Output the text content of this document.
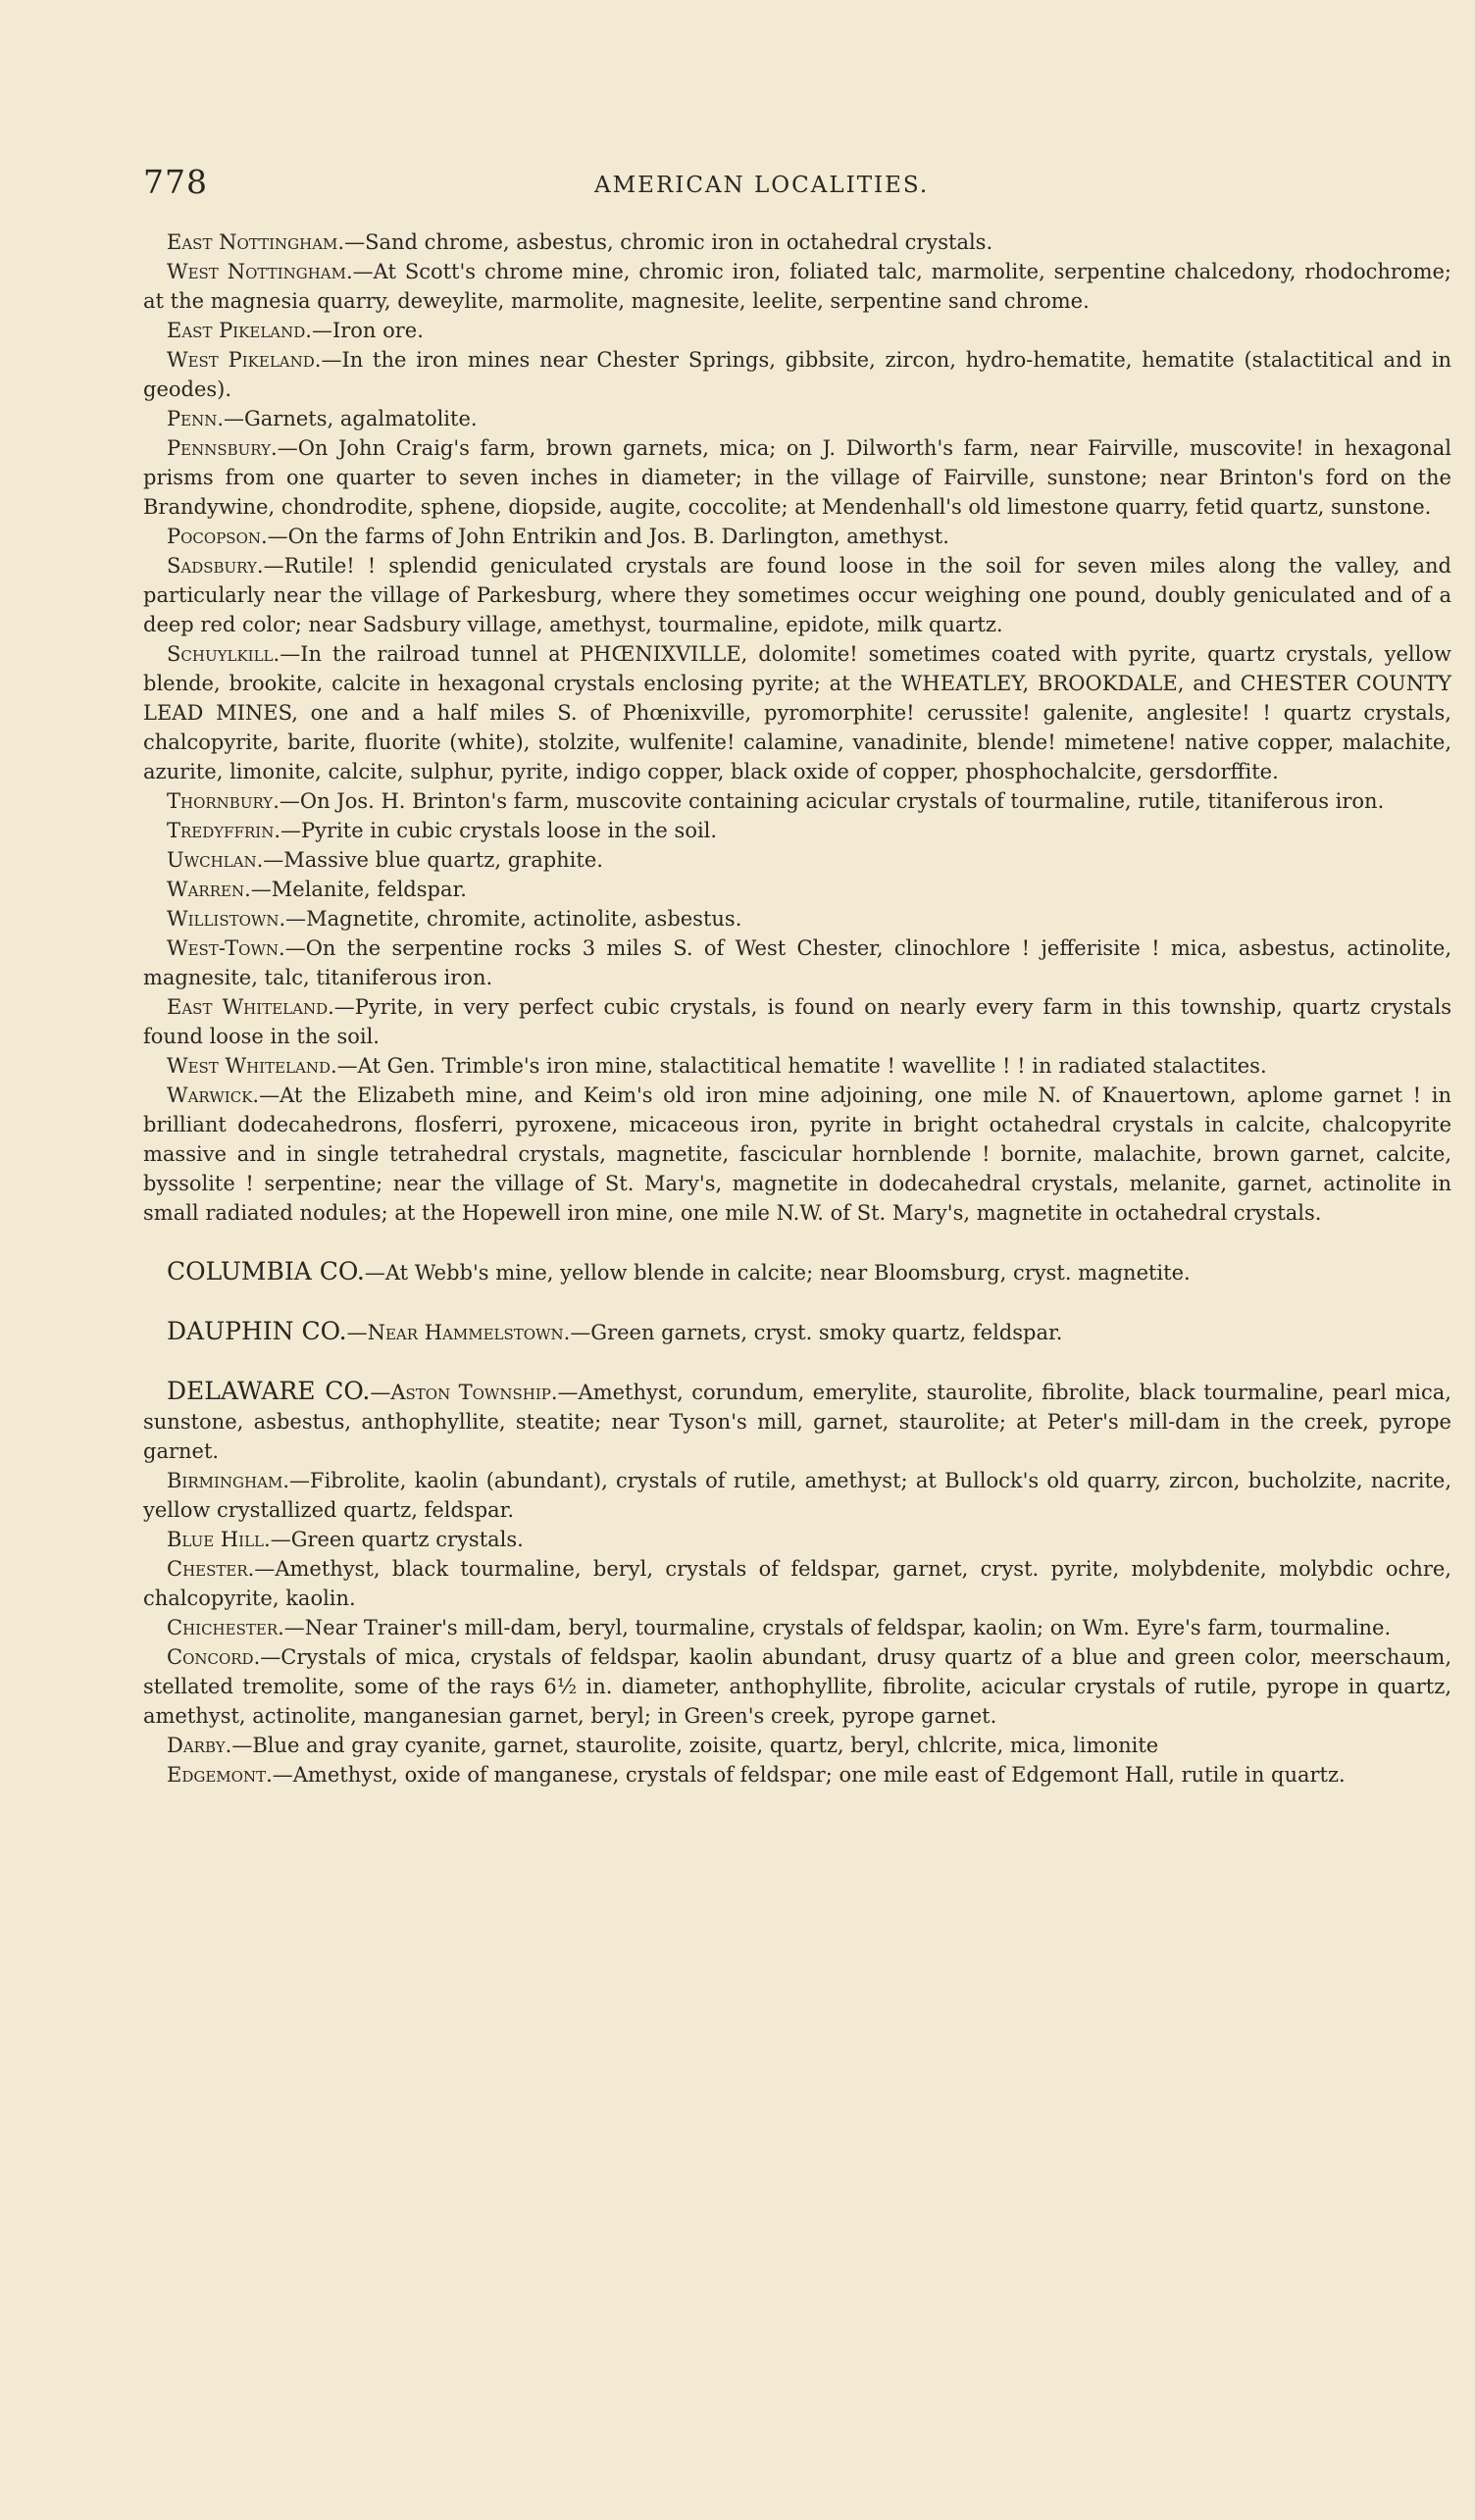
778	AMERICAN LOCALITIES.

East Nottingham.—Sand chrome, asbestus, chromic iron in octahedral crystals.

West Nottingham.—At Scott's chrome mine, chromic iron, foliated talc, marmolite, serpentine chalcedony, rhodochrome; at the magnesia quarry, deweylite, marmolite, magnesite, leelite, serpentine sand chrome.

East Pikeland.—Iron ore.

West Pikeland.—In the iron mines near Chester Springs, gibbsite, zircon, hydro-hematite, hematite (stalactitical and in geodes).

Penn.—Garnets, agalmatolite.

Pennsbury.—On John Craig's farm, brown garnets, mica; on J. Dilworth's farm, near Fairville, muscovite! in hexagonal prisms from one quarter to seven inches in diameter; in the village of Fairville, sunstone; near Brinton's ford on the Brandywine, chondrodite, sphene, diopside, augite, coccolite; at Mendenhall's old limestone quarry, fetid quartz, sunstone.

Pocopson.—On the farms of John Entrikin and Jos. B. Darlington, amethyst.

Sadsbury.—Rutile! ! splendid geniculated crystals are found loose in the soil for seven miles along the valley, and particularly near the village of Parkesburg, where they sometimes occur weighing one pound, doubly geniculated and of a deep red color; near Sadsbury village, amethyst, tourmaline, epidote, milk quartz.

Schuylkill.—In the railroad tunnel at PHŒNIXVILLE, dolomite! sometimes coated with pyrite, quartz crystals, yellow blende, brookite, calcite in hexagonal crystals enclosing pyrite; at the WHEATLEY, BROOKDALE, and CHESTER COUNTY LEAD MINES, one and a half miles S. of Phœnixville, pyromorphite! cerussite! galenite, anglesite! ! quartz crystals, chalcopyrite, barite, fluorite (white), stolzite, wulfenite! calamine, vanadinite, blende! mimetene! native copper, malachite, azurite, limonite, calcite, sulphur, pyrite, indigo copper, black oxide of copper, phosphochalcite, gersdorffite.

Thornbury.—On Jos. H. Brinton's farm, muscovite containing acicular crystals of tourmaline, rutile, titaniferous iron.

Tredyffrin.—Pyrite in cubic crystals loose in the soil.

Uwchlan.—Massive blue quartz, graphite.

Warren.—Melanite, feldspar.

Willistown.—Magnetite, chromite, actinolite, asbestus.

West-Town.—On the serpentine rocks 3 miles S. of West Chester, clinochlore ! jefferisite ! mica, asbestus, actinolite, magnesite, talc, titaniferous iron.

East Whiteland.—Pyrite, in very perfect cubic crystals, is found on nearly every farm in this township, quartz crystals found loose in the soil.

West Whiteland.—At Gen. Trimble's iron mine, stalactitical hematite ! wavellite ! ! in radiated stalactites.

Warwick.—At the Elizabeth mine, and Keim's old iron mine adjoining, one mile N. of Knauertown, aplome garnet ! in brilliant dodecahedrons, flosferri, pyroxene, micaceous iron, pyrite in bright octahedral crystals in calcite, chalcopyrite massive and in single tetrahedral crystals, magnetite, fascicular hornblende ! bornite, malachite, brown garnet, calcite, byssolite ! serpentine; near the village of St. Mary's, magnetite in dodecahedral crystals, melanite, garnet, actinolite in small radiated nodules; at the Hopewell iron mine, one mile N.W. of St. Mary's, magnetite in octahedral crystals.

COLUMBIA CO.—At Webb's mine, yellow blende in calcite; near Bloomsburg, cryst. magnetite.

DAUPHIN CO.—Near Hammelstown.—Green garnets, cryst. smoky quartz, feldspar.

DELAWARE CO.—Aston Township.—Amethyst, corundum, emerylite, staurolite, fibrolite, black tourmaline, pearl mica, sunstone, asbestus, anthophyllite, steatite; near Tyson's mill, garnet, staurolite; at Peter's mill-dam in the creek, pyrope garnet.

Birmingham.—Fibrolite, kaolin (abundant), crystals of rutile, amethyst; at Bullock's old quarry, zircon, bucholzite, nacrite, yellow crystallized quartz, feldspar.

Blue Hill.—Green quartz crystals.

Chester.—Amethyst, black tourmaline, beryl, crystals of feldspar, garnet, cryst. pyrite, molybdenite, molybdic ochre, chalcopyrite, kaolin.

Chichester.—Near Trainer's mill-dam, beryl, tourmaline, crystals of feldspar, kaolin; on Wm. Eyre's farm, tourmaline.

Concord.—Crystals of mica, crystals of feldspar, kaolin abundant, drusy quartz of a blue and green color, meerschaum, stellated tremolite, some of the rays 6½ in. diameter, anthophyllite, fibrolite, acicular crystals of rutile, pyrope in quartz, amethyst, actinolite, manganesian garnet, beryl; in Green's creek, pyrope garnet.

Darby.—Blue and gray cyanite, garnet, staurolite, zoisite, quartz, beryl, chlcrite, mica, limonite

Edgemont.—Amethyst, oxide of manganese, crystals of feldspar; one mile east of Edgemont Hall, rutile in quartz.
